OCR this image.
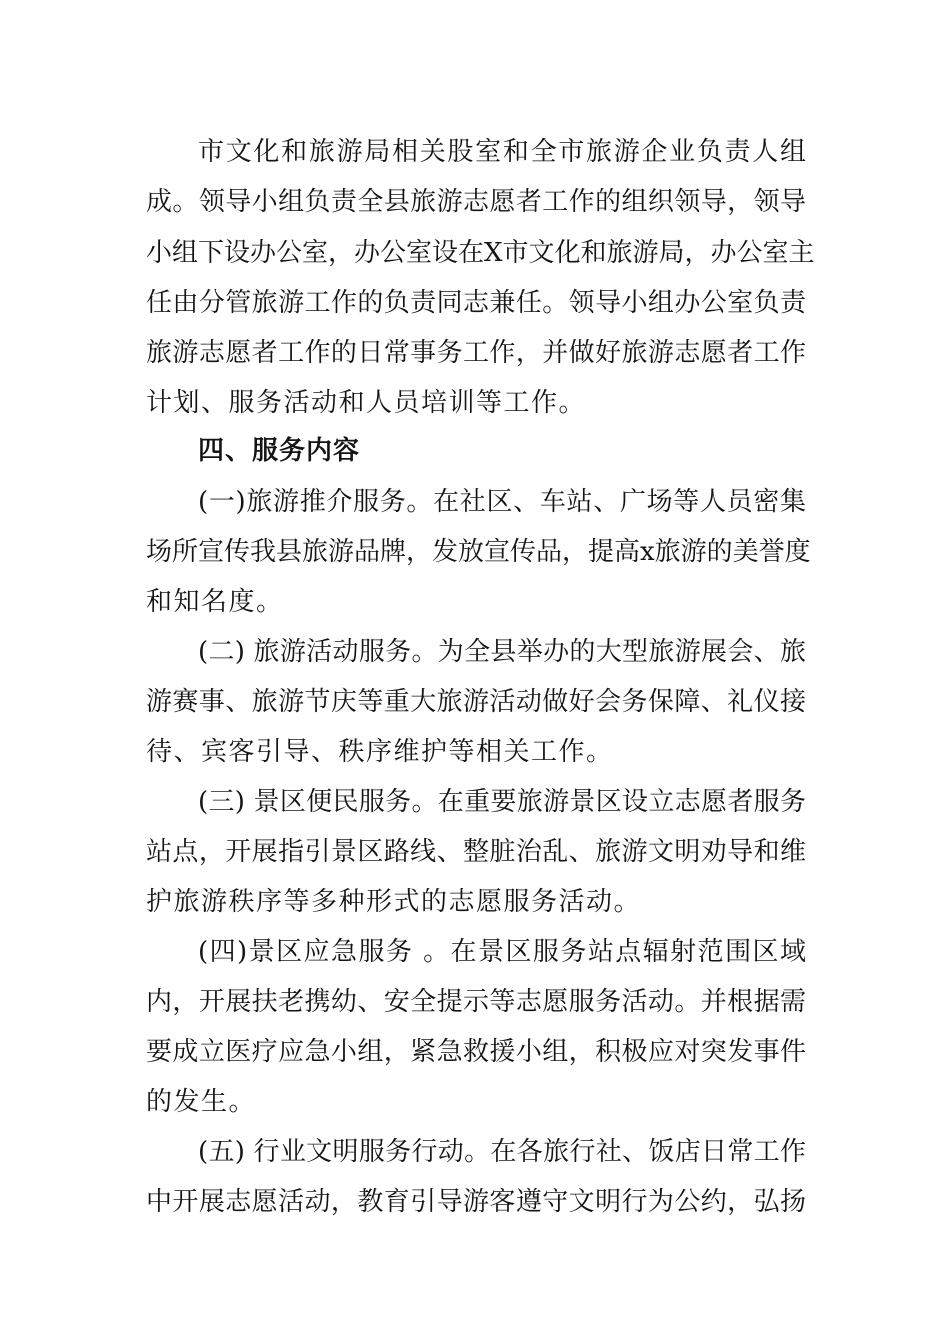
市文化和旅游局相关股室和全市旅游企业负责人组
成。领导小组负责全县旅游志愿者工作的组织领导，领导
小组下设办公室，办公室设在X市文化和旅游局，办公室主
任由分管旅游工作的负责同志兼任。领导小组办公室负责
旅游志愿者工作的日常事务工作，并做好旅游志愿者工作
计划、服务活动和人员培训等工作。
四、服务内容
(一)旅游推介服务。在社区、车站、广场等人员密集
场所宣传我县旅游品牌，发放宣传品，提高x旅游的美誉度
和知名度。
(二) 旅游活动服务。为全县举办的大型旅游展会、旅
游赛事、旅游节庆等重大旅游活动做好会务保障、礼仪接
待、宾客引导、秩序维护等相关工作。
(三) 景区便民服务。在重要旅游景区设立志愿者服务
站点，开展指引景区路线、整脏治乱、旅游文明劝导和维
护旅游秩序等多种形式的志愿服务活动。
(四)景区应急服务 。在景区服务站点辐射范围区域
内，开展扶老携幼、安全提示等志愿服务活动。并根据需
要成立医疗应急小组，紧急救援小组，积极应对突发事件
的发生。
(五) 行业文明服务行动。在各旅行社、饭店日常工作
中开展志愿活动，教育引导游客遵守文明行为公约，弘扬
